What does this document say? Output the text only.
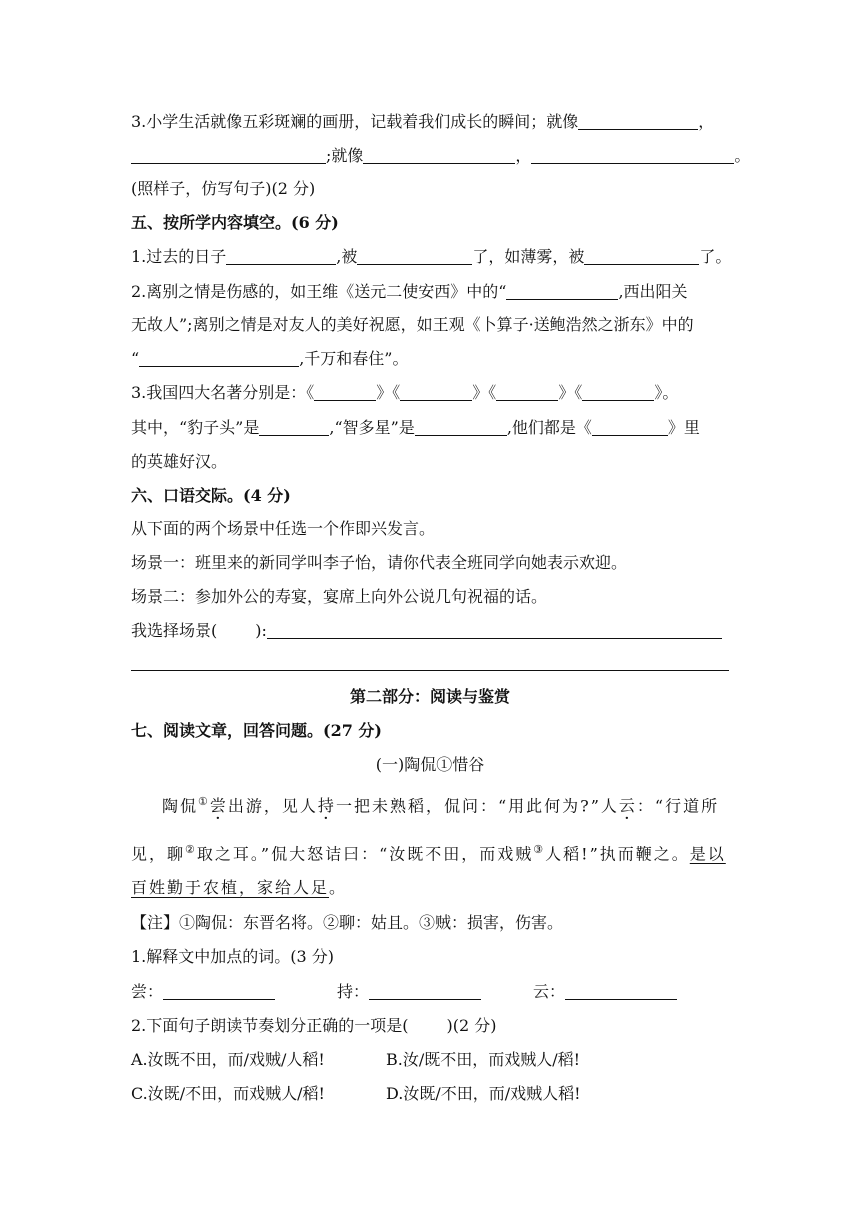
3.小学生活就像五彩斑斓的画册，记载着我们成长的瞬间；就像	，
;就像	，	。
(照样子，仿写句子)(2 分)
五、按所学内容填空。(6 分)
1.过去的日子	,被	了，如薄雾，被	了。
2.离别之情是伤感的，如王维《送元二使安西》中的“	,西出阳关
无故人”;离别之情是对友人的美好祝愿，如王观《卜算子·送鲍浩然之浙东》中的
“	,千万和春住”。
3.我国四大名著分别是：《	》《	》《	》《	》。
其中，“豹子头”是	,“智多星”是	,他们都是《	》里
的英雄好汉。
六、口语交际。(4 分)
从下面的两个场景中任选一个作即兴发言。
场景一：班里来的新同学叫李子怡，请你代表全班同学向她表示欢迎。
场景二：参加外公的寿宴，宴席上向外公说几句祝福的话。
我选择场景( ):
第二部分：阅读与鉴赏
七、阅读文章，回答问题。(27 分)
(一)陶侃①惜谷
陶侃①尝出游，见人持一把未熟稻，侃问：“用此何为?”人云：“行道所
见，聊②取之耳。”侃大怒诘曰：“汝既不田，而戏贼③人稻!”执而鞭之。是以
百姓勤于农植，家给人足。
【注】①陶侃：东晋名将。②聊：姑且。③贼：损害，伤害。
1.解释文中加点的词。(3 分)
尝：	持：	云：
2.下面句子朗读节奏划分正确的一项是( )(2 分)
A.汝既不田，而/戏贼/人稻!	B.汝/既不田，而戏贼人/稻!
C.汝既/不田，而戏贼人/稻!	D.汝既/不田，而/戏贼人稻!
